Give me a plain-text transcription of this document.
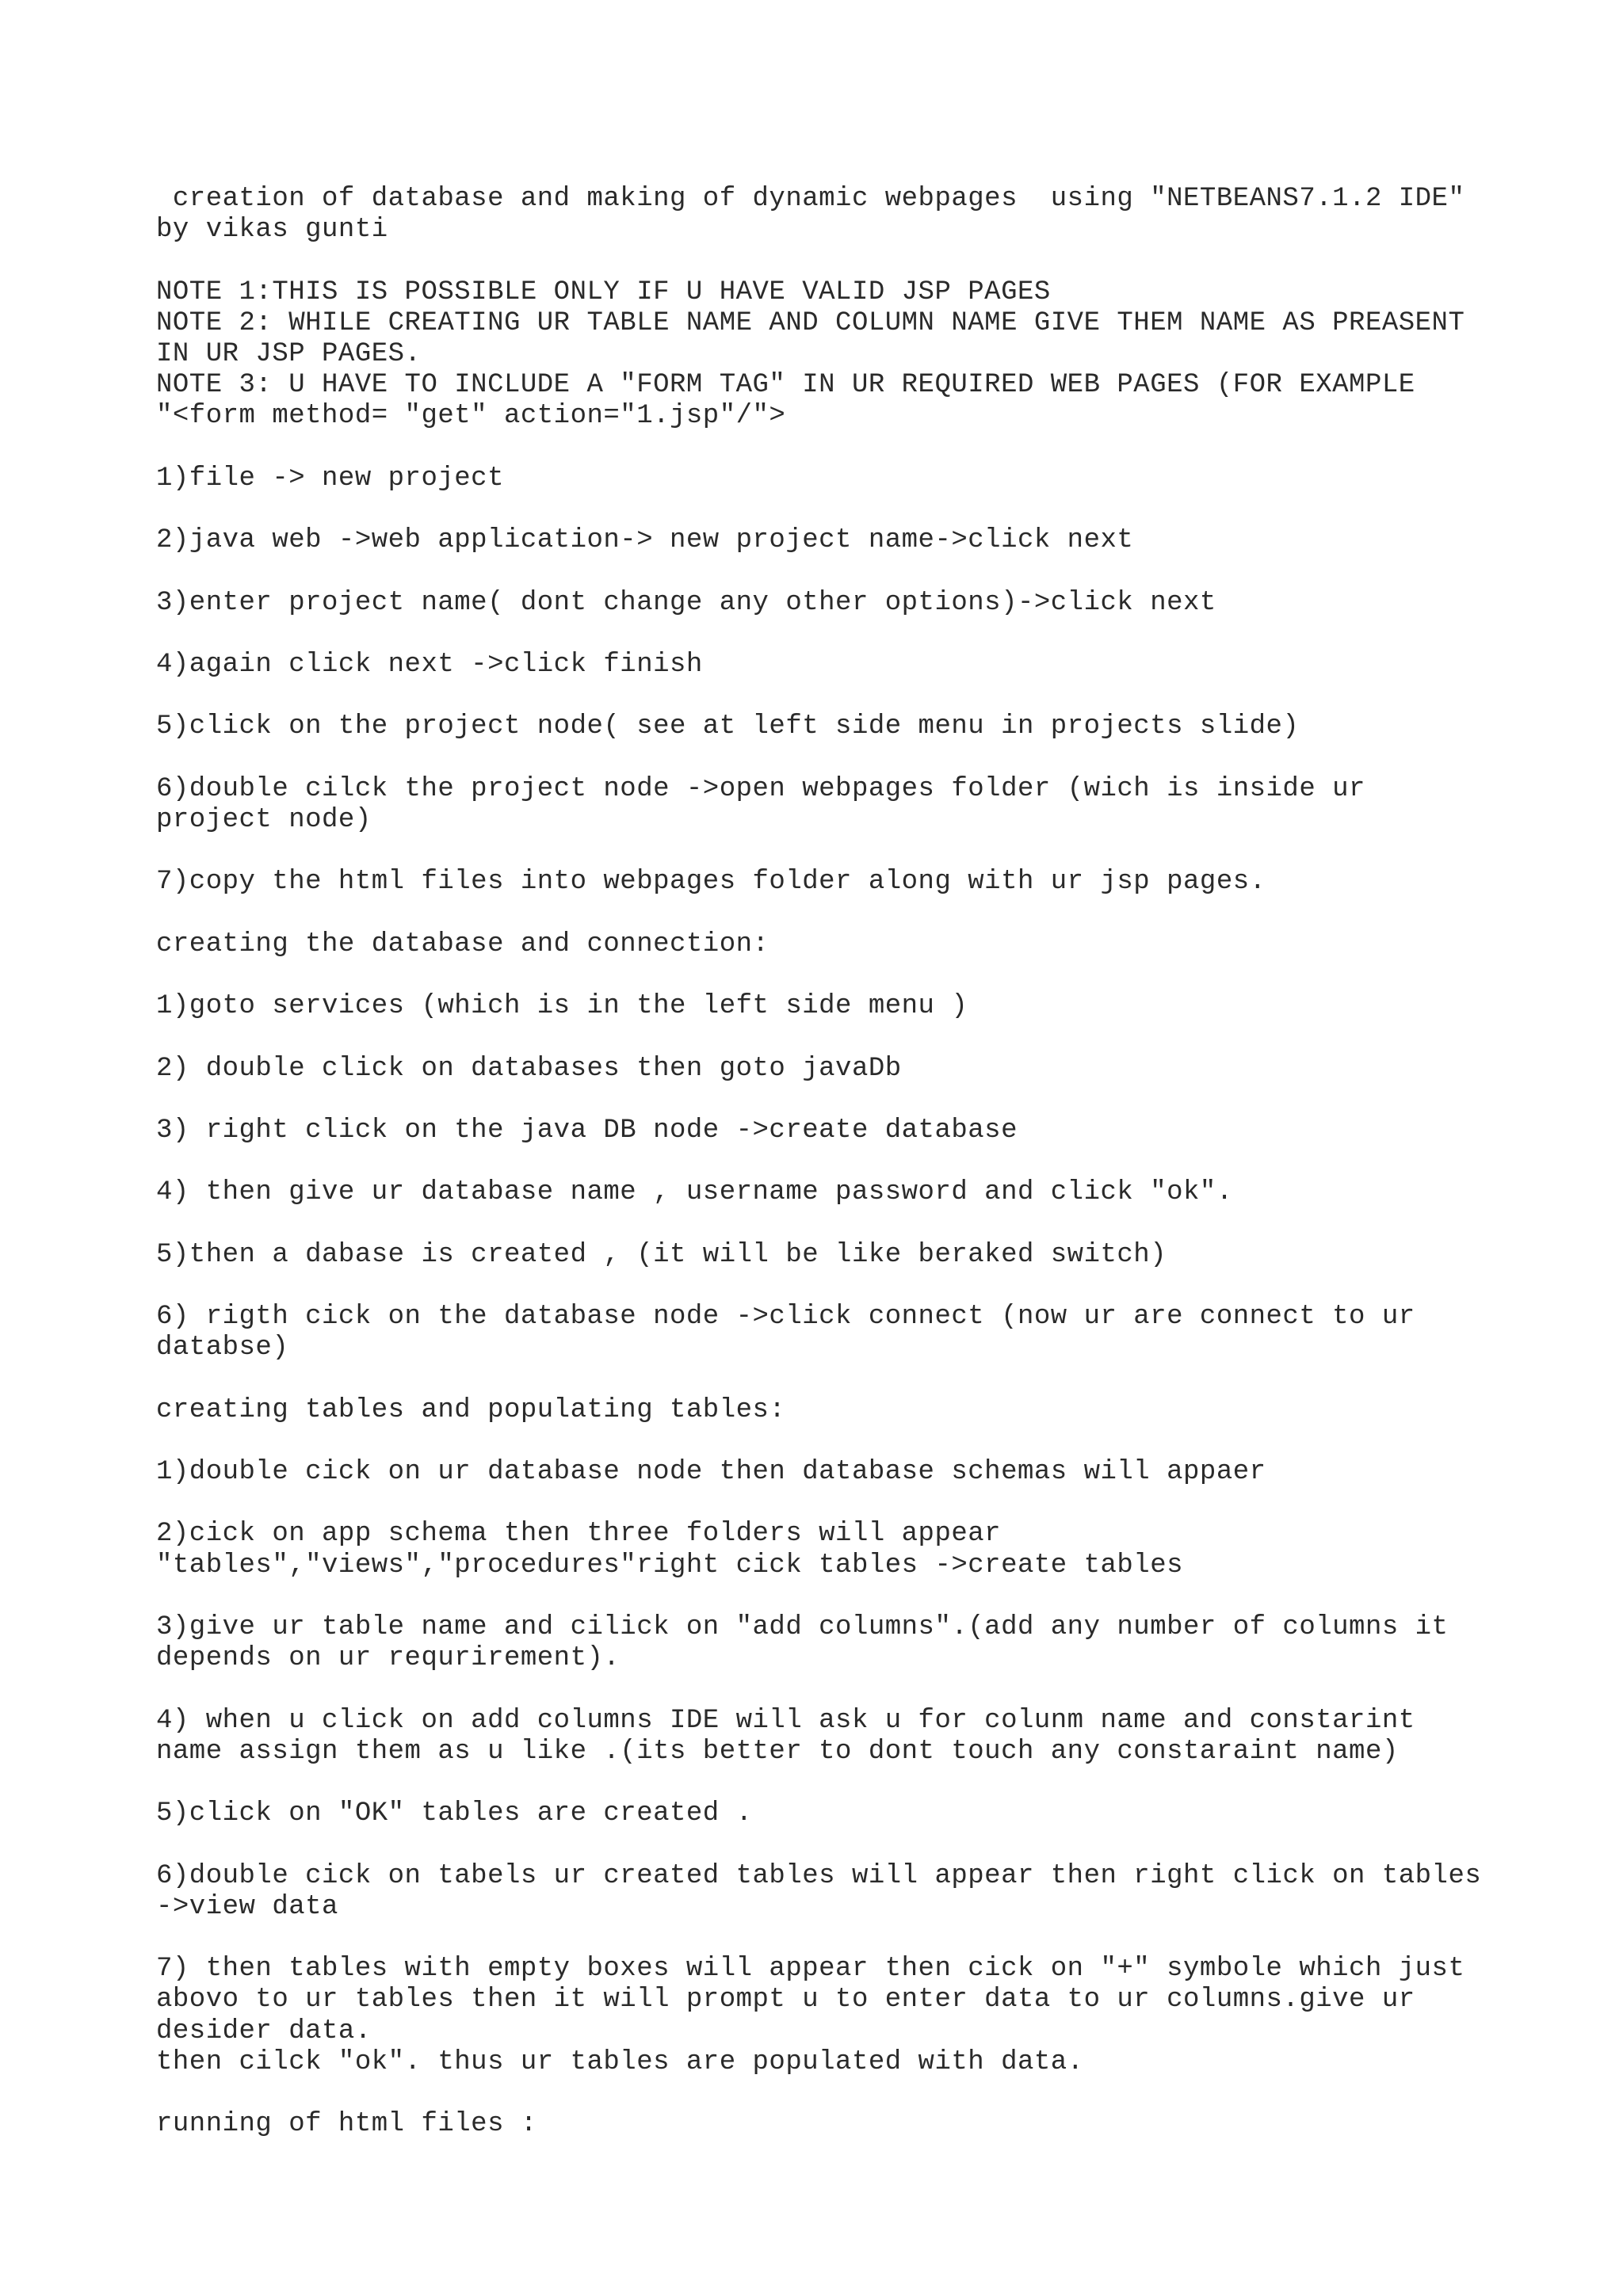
creation of database and making of dynamic webpages  using "NETBEANS7.1.2 IDE"
by vikas gunti
NOTE 1:THIS IS POSSIBLE ONLY IF U HAVE VALID JSP PAGES
NOTE 2: WHILE CREATING UR TABLE NAME AND COLUMN NAME GIVE THEM NAME AS PREASENT
IN UR JSP PAGES.
NOTE 3: U HAVE TO INCLUDE A "FORM TAG" IN UR REQUIRED WEB PAGES (FOR EXAMPLE
"<form method= "get" action="1.jsp"/">
1)file -> new project
2)java web ->web application-> new project name->click next
3)enter project name( dont change any other options)->click next
4)again click next ->click finish
5)click on the project node( see at left side menu in projects slide)
6)double cilck the project node ->open webpages folder (wich is inside ur
project node)
7)copy the html files into webpages folder along with ur jsp pages.
creating the database and connection:
1)goto services (which is in the left side menu )
2) double click on databases then goto javaDb
3) right click on the java DB node ->create database
4) then give ur database name , username password and click "ok".
5)then a dabase is created , (it will be like beraked switch)
6) rigth cick on the database node ->click connect (now ur are connect to ur
databse)
creating tables and populating tables:
1)double cick on ur database node then database schemas will appaer
2)cick on app schema then three folders will appear
"tables","views","procedures"right cick tables ->create tables
3)give ur table name and cilick on "add columns".(add any number of columns it
depends on ur requrirement).
4) when u click on add columns IDE will ask u for colunm name and constarint
name assign them as u like .(its better to dont touch any constaraint name)
5)click on "OK" tables are created .
6)double cick on tabels ur created tables will appear then right click on tables
->view data
7) then tables with empty boxes will appear then cick on "+" symbole which just
abovo to ur tables then it will prompt u to enter data to ur columns.give ur
desider data.
then cilck "ok". thus ur tables are populated with data.
running of html files :
